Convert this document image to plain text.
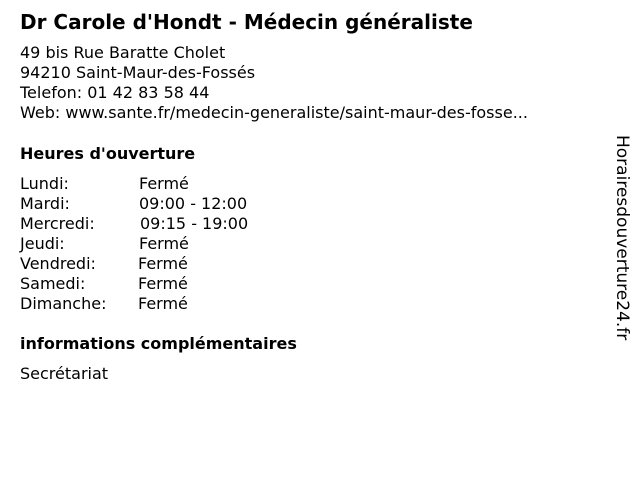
Dr Carole d'Hondt - Médecin généraliste
49 bis Rue Baratte Cholet
94210 Saint-Maur-des-Fossés
Telefon: 01 42 83 58 44
Web: www.sante.fr/medecin-generaliste/saint-maur-des-fosse...
Heures d'ouverture
Lundi:	Fermé
Mardi:	09:00 - 12:00
Mercredi:	09:15 - 19:00
Jeudi:	Fermé
Vendredi:	Fermé
Samedi:	Fermé
Dimanche: Fermé
informations complémentaires
Secrétariat
Horairesdouverture24.fr
